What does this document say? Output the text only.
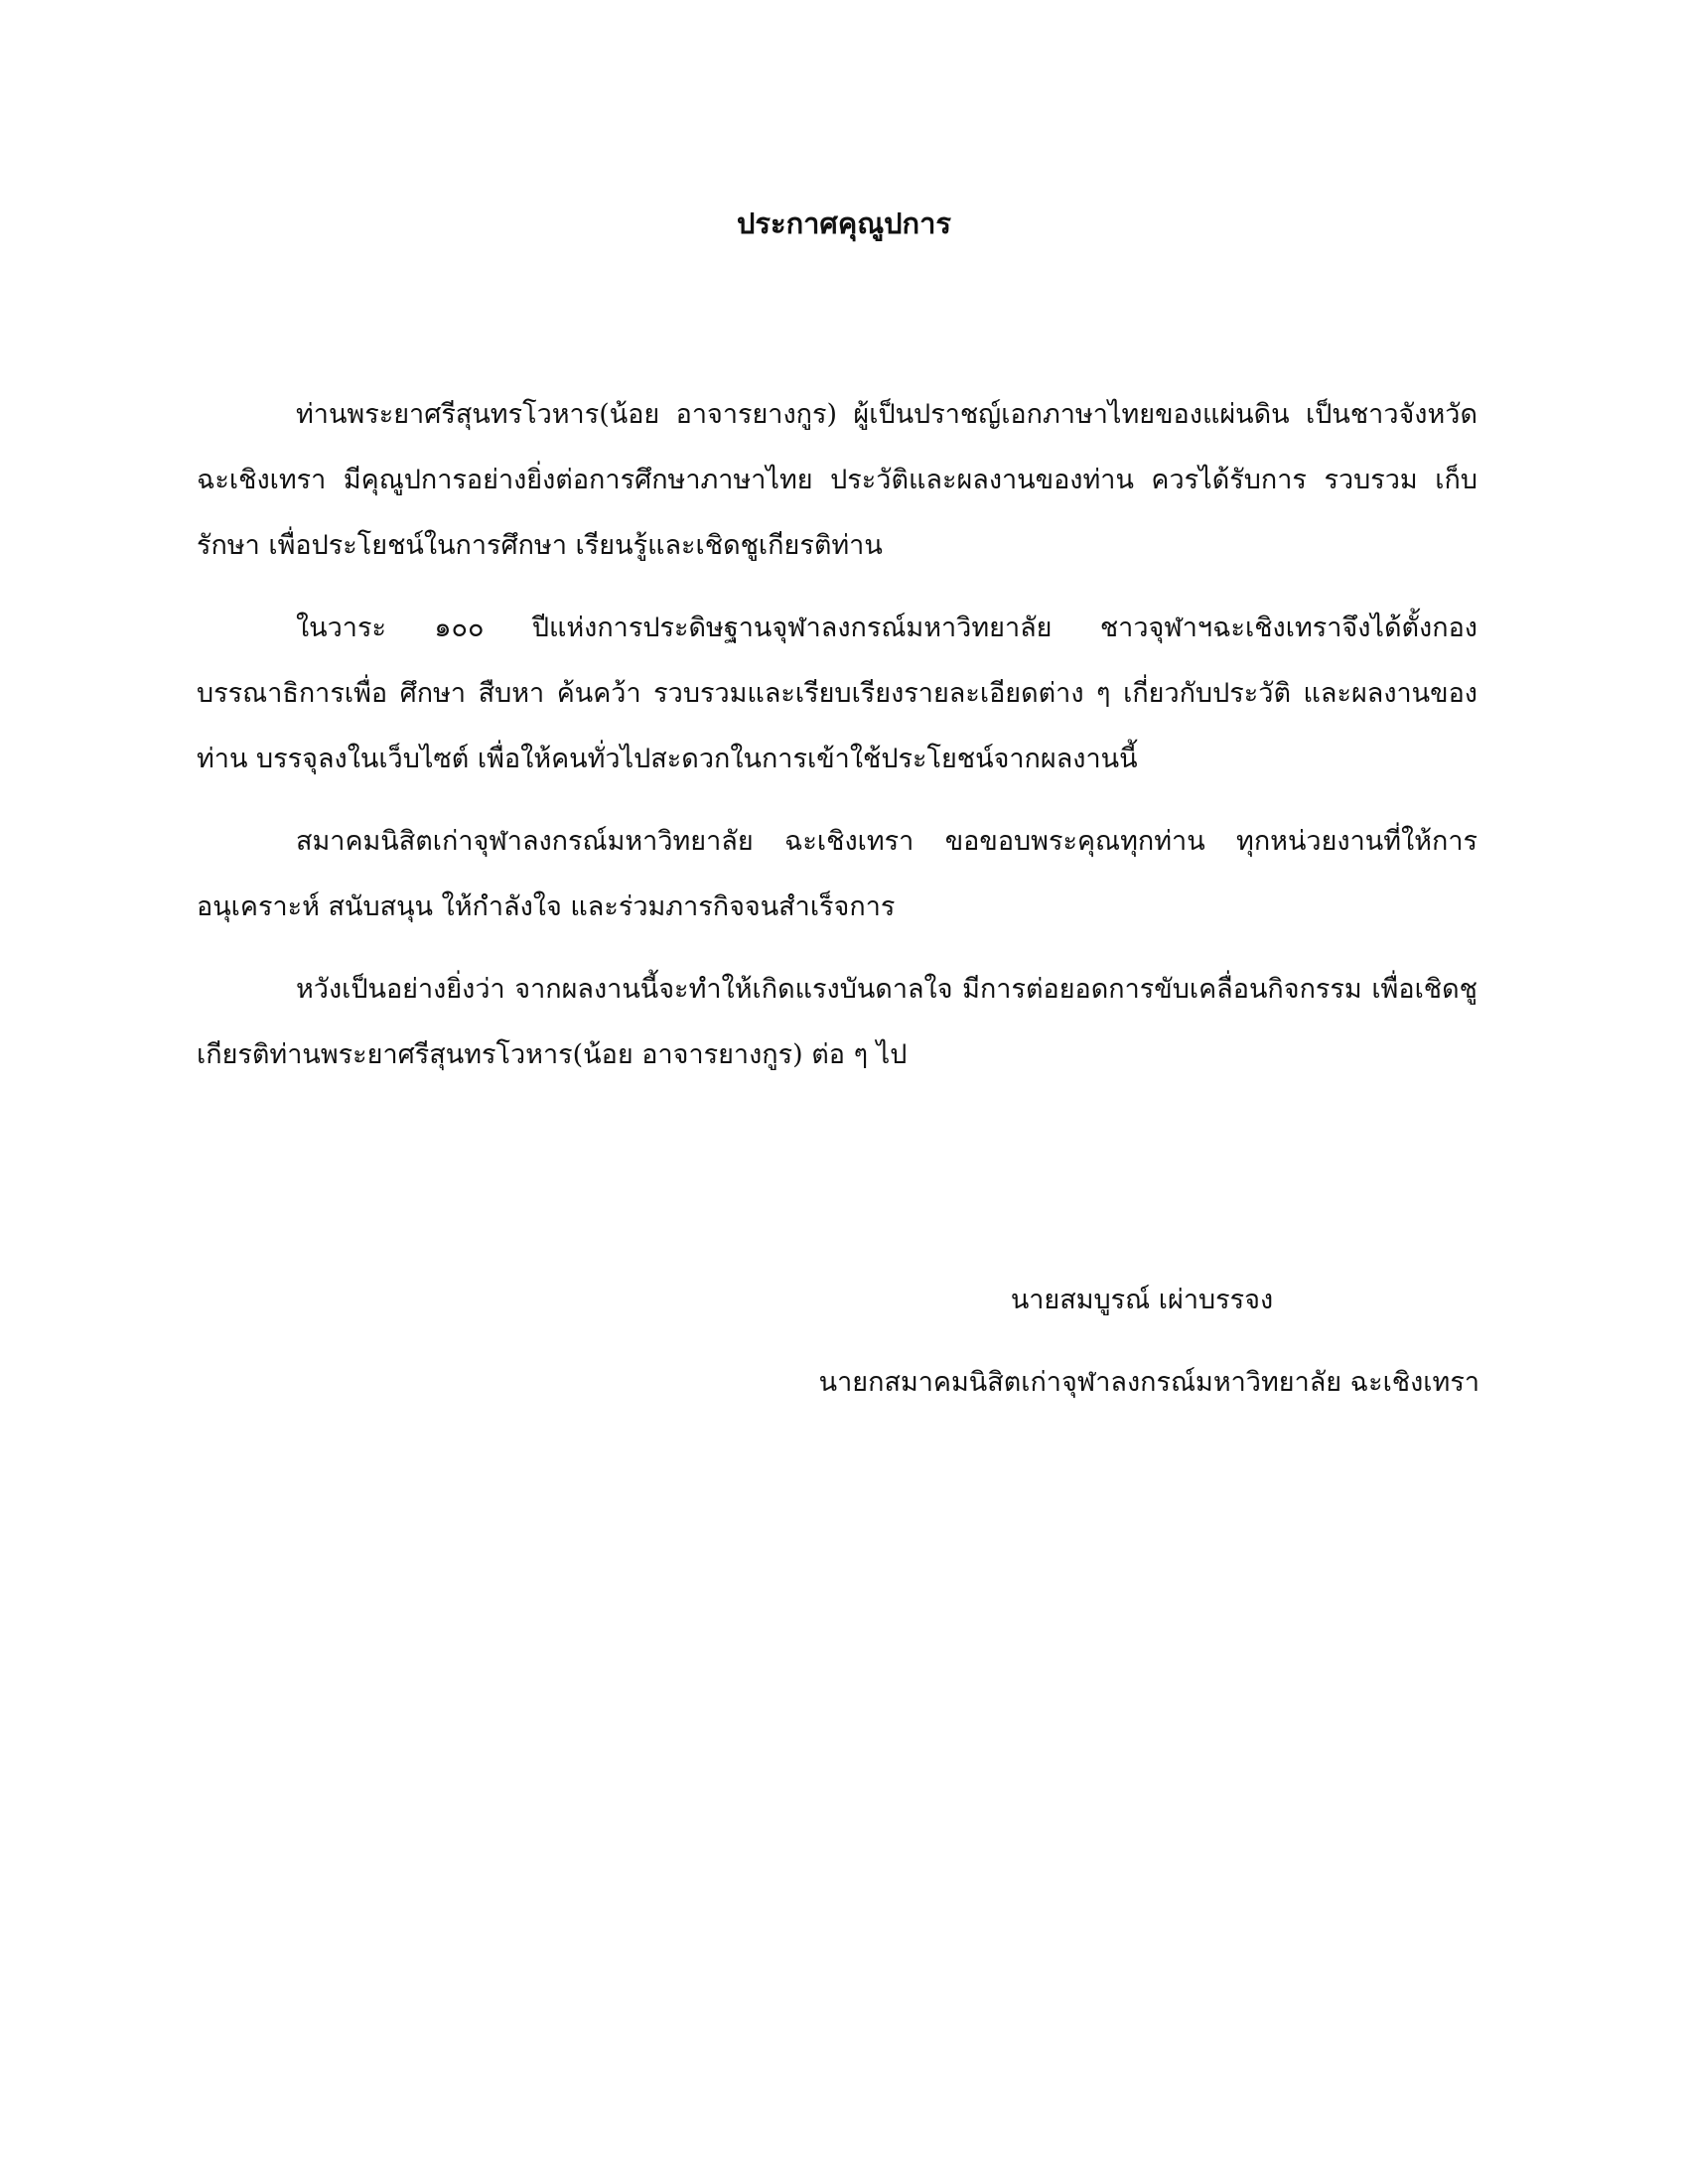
ประกาศคุณูปการ

ท่านพระยาศรีสุนทรโวหาร(น้อย อาจารยางกูร) ผู้เป็นปราชญ์เอกภาษาไทยของแผ่นดิน เป็นชาวจังหวัดฉะเชิงเทรา มีคุณูปการอย่างยิ่งต่อการศึกษาภาษาไทย ประวัติและผลงานของท่าน ควรได้รับการ รวบรวม เก็บรักษา เพื่อประโยชน์ในการศึกษา เรียนรู้และเชิดชูเกียรติท่าน

ในวาระ ๑๐๐ ปีแห่งการประดิษฐานจุฬาลงกรณ์มหาวิทยาลัย ชาวจุฬาฯฉะเชิงเทราจึงได้ตั้งกองบรรณาธิการเพื่อ ศึกษา สืบหา ค้นคว้า รวบรวมและเรียบเรียงรายละเอียดต่าง ๆ เกี่ยวกับประวัติ และผลงานของท่าน บรรจุลงในเว็บไซต์ เพื่อให้คนทั่วไปสะดวกในการเข้าใช้ประโยชน์จากผลงานนี้

สมาคมนิสิตเก่าจุฬาลงกรณ์มหาวิทยาลัย ฉะเชิงเทรา ขอขอบพระคุณทุกท่าน ทุกหน่วยงานที่ให้การอนุเคราะห์ สนับสนุน ให้กำลังใจ และร่วมภารกิจจนสำเร็จการ

หวังเป็นอย่างยิ่งว่า จากผลงานนี้จะทำให้เกิดแรงบันดาลใจ มีการต่อยอดการขับเคลื่อนกิจกรรม เพื่อเชิดชูเกียรติท่านพระยาศรีสุนทรโวหาร(น้อย อาจารยางกูร) ต่อ ๆ ไป

นายสมบูรณ์ เผ่าบรรจง

นายกสมาคมนิสิตเก่าจุฬาลงกรณ์มหาวิทยาลัย ฉะเชิงเทรา
